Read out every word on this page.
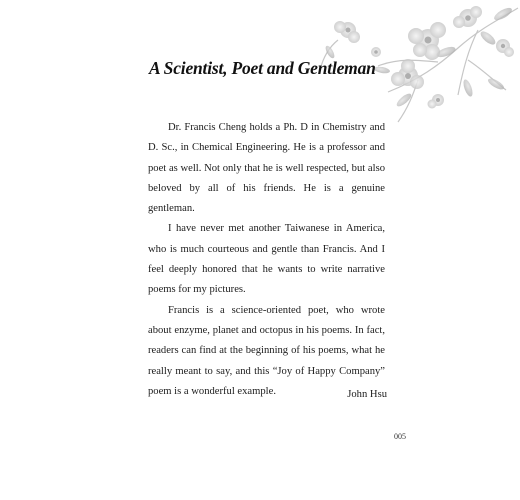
A Scientist, Poet and Gentleman

Dr. Francis Cheng holds a Ph. D in Chemistry and D. Sc., in Chemical Engineering. He is a professor and poet as well. Not only that he is well respected, but also beloved by all of his friends. He is a genuine gentleman.

I have never met another Taiwanese in America, who is much courteous and gentle than Francis. And I feel deeply honored that he wants to write narrative poems for my pictures.

Francis is a science-oriented poet, who wrote about enzyme, planet and octopus in his poems. In fact, readers can find at the beginning of his poems, what he really meant to say, and this “Joy of Happy Company” poem is a wonderful example.	John Hsu
005
